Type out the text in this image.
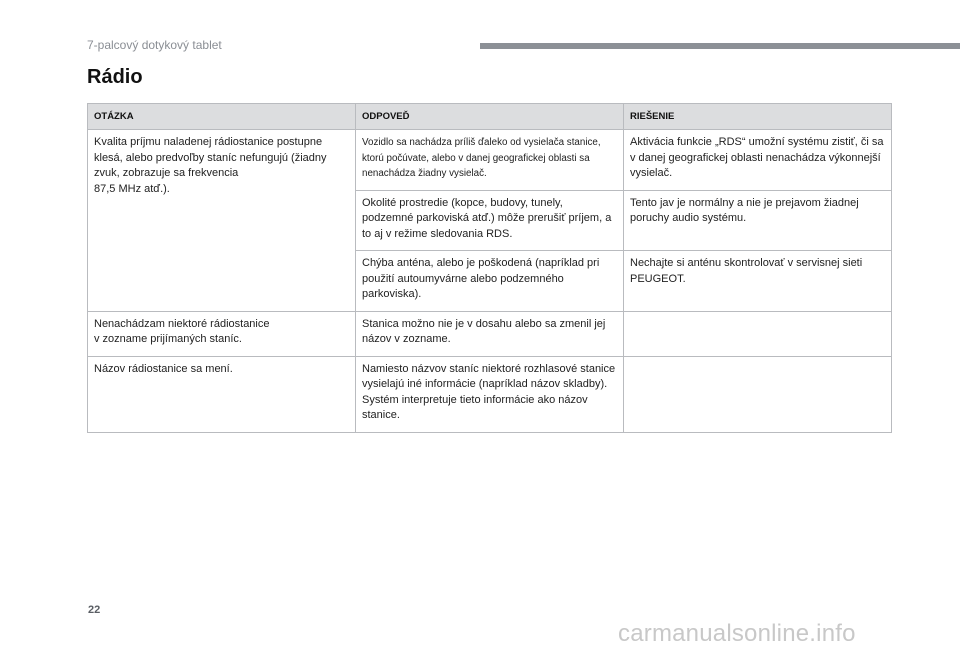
7-palcový dotykový tablet
Rádio
OTÁZKA	ODPOVEĎ	RIEŠENIE
Kvalita príjmu naladenej rádiostanice postupne klesá, alebo predvoľby staníc nefungujú (žiadny zvuk, zobrazuje sa frekvencia
87,5 MHz atď.).	Vozidlo sa nachádza príliš ďaleko od vysielača stanice, ktorú počúvate, alebo v danej geografickej oblasti sa nenachádza žiadny vysielač.	Aktivácia funkcie „RDS“ umožní systému zistiť, či sa v danej geografickej oblasti nenachádza výkonnejší vysielač.
	Okolité prostredie (kopce, budovy, tunely, podzemné parkoviská atď.) môže prerušiť príjem, a to aj v režime sledovania RDS.	Tento jav je normálny a nie je prejavom žiadnej poruchy audio systému.
	Chýba anténa, alebo je poškodená (napríklad pri použití autoumyvárne alebo podzemného parkoviska).	Nechajte si anténu skontrolovať v servisnej sieti PEUGEOT.
Nenachádzam niektoré rádiostanice
v zozname prijímaných staníc.	Stanica možno nie je v dosahu alebo sa zmenil jej názov v zozname.	
Názov rádiostanice sa mení.	Namiesto názvov staníc niektoré rozhlasové stanice vysielajú iné informácie (napríklad názov skladby).
Systém interpretuje tieto informácie ako názov stanice.	
22
carmanualsonline.info
